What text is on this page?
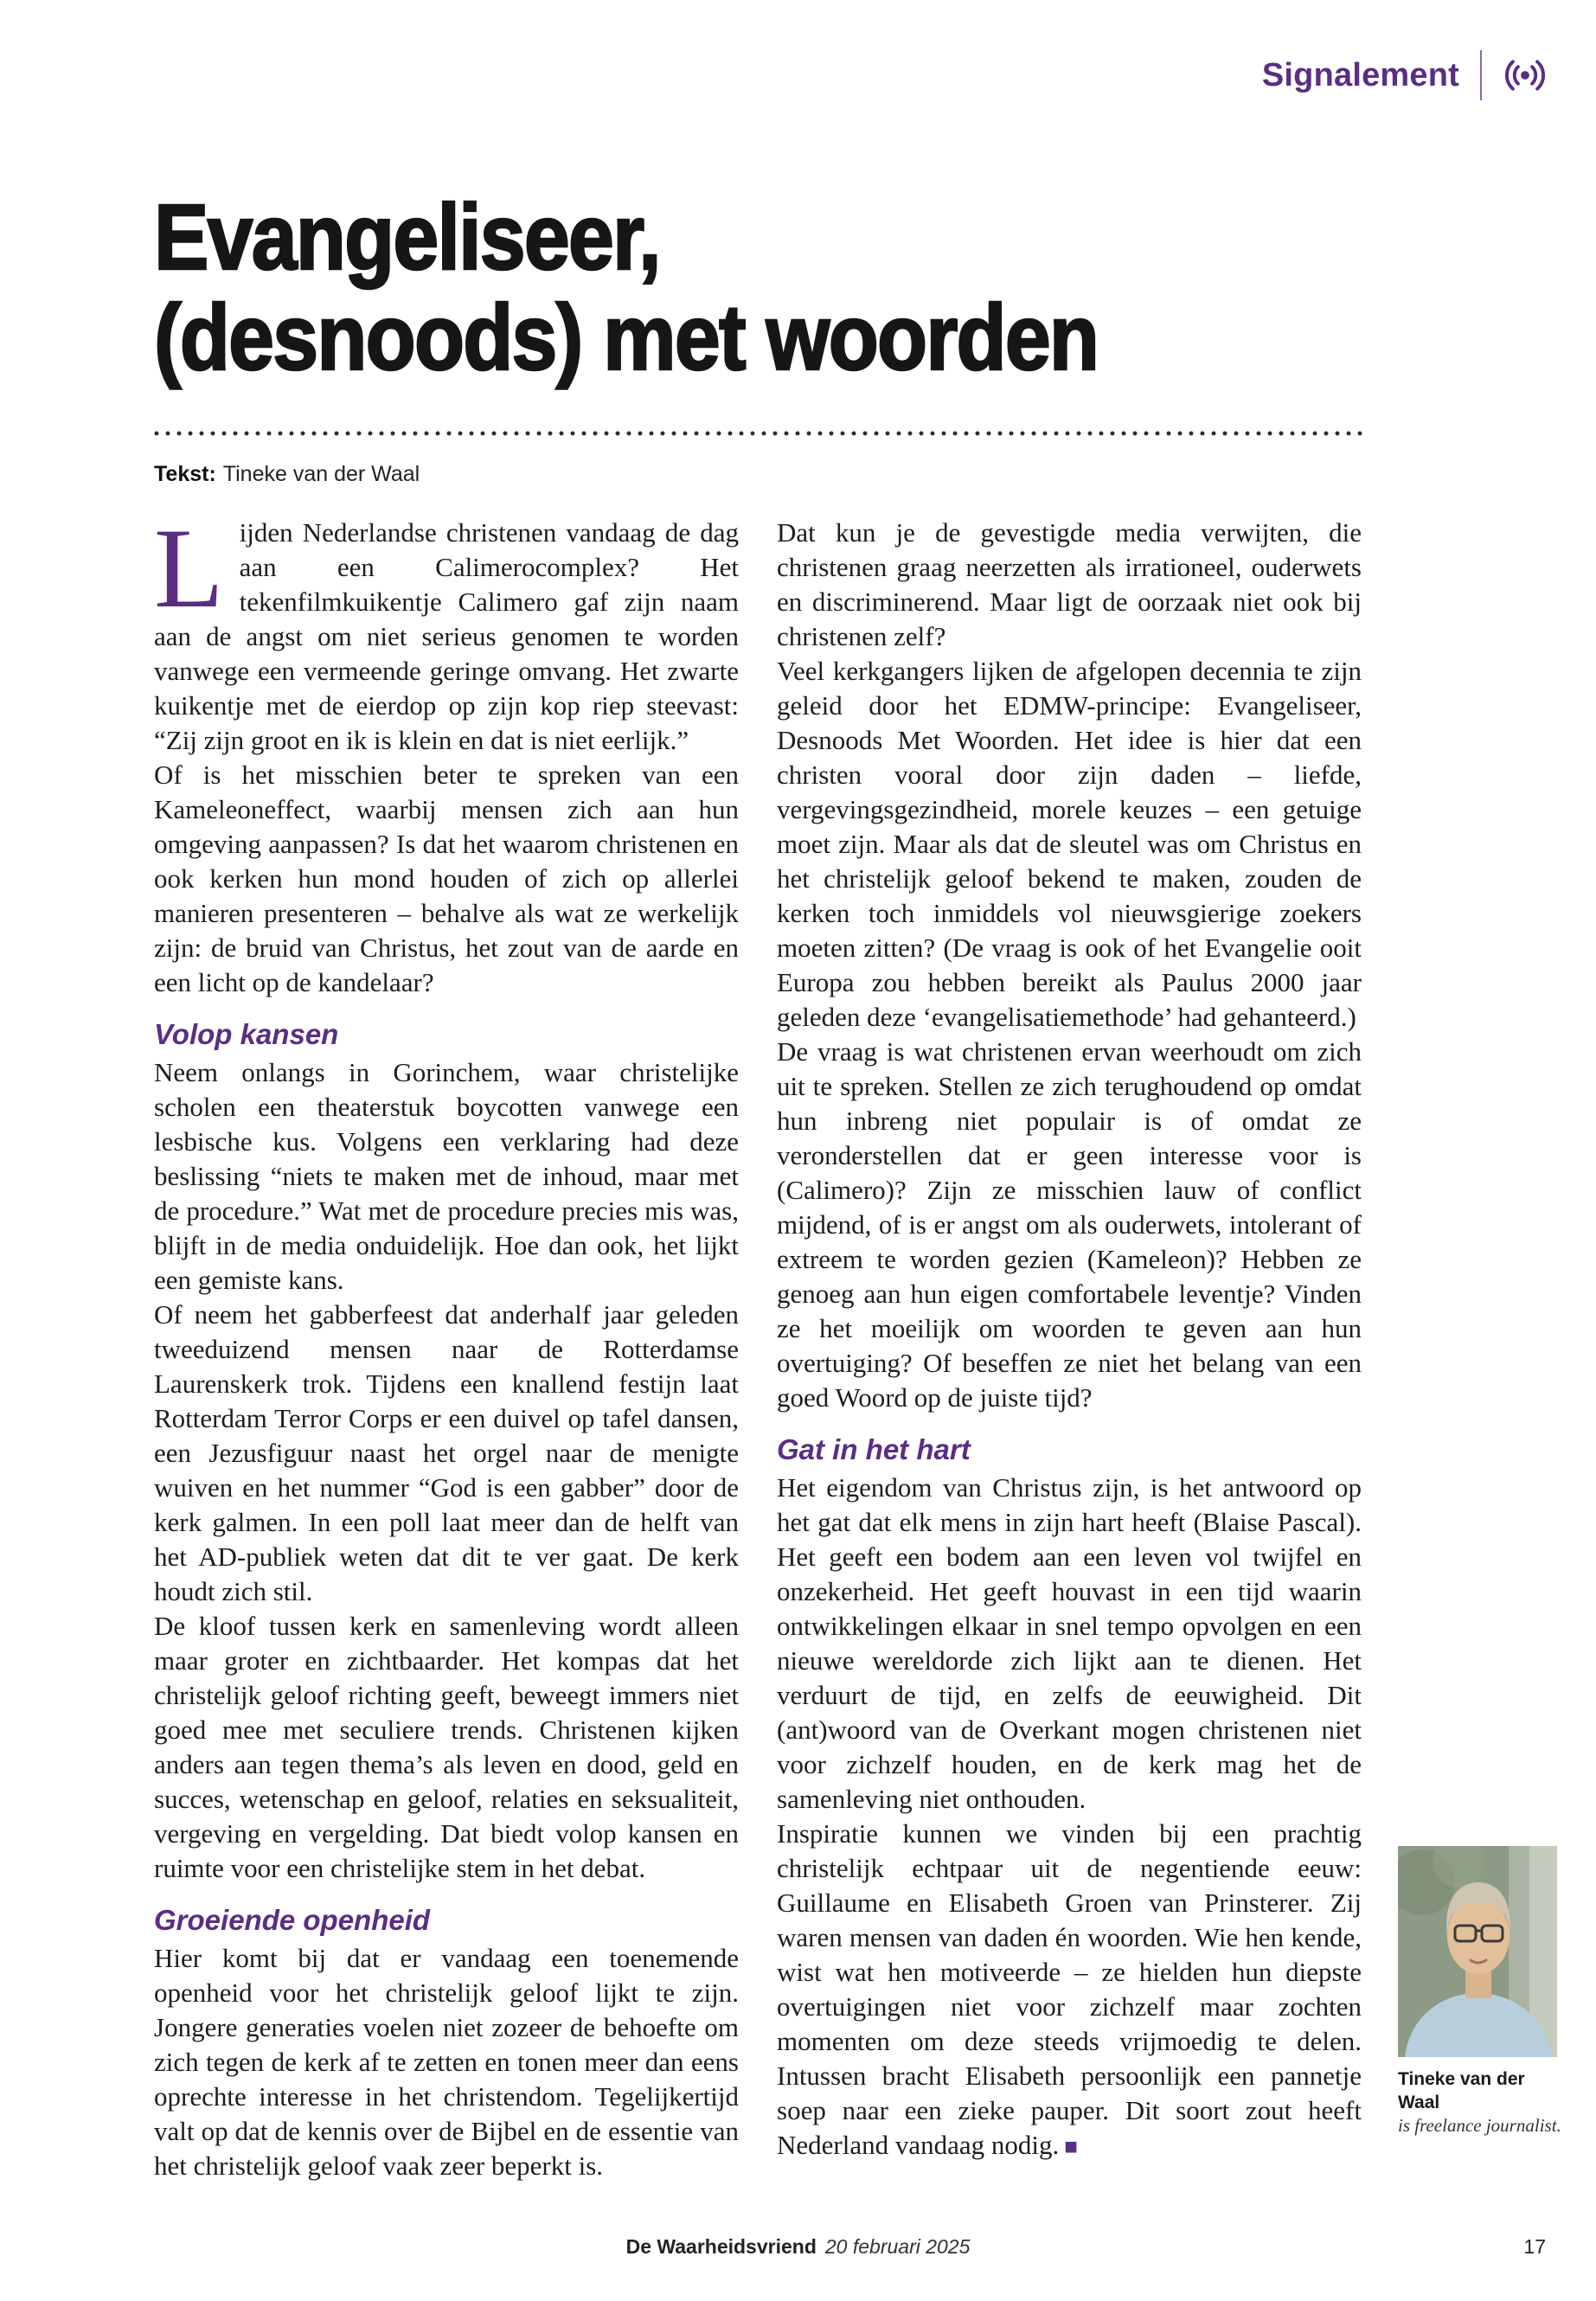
Signalement
Evangeliseer,
(desnoods) met woorden

Tekst: Tineke van der Waal

Lijden Nederlandse christenen vandaag de dag aan een Calimerocomplex? Het tekenfilmkuikentje Calimero gaf zijn naam aan de angst om niet serieus genomen te worden vanwege een vermeende geringe omvang. Het zwarte kuikentje met de eierdop op zijn kop riep steevast: “Zij zijn groot en ik is klein en dat is niet eerlijk.”

Of is het misschien beter te spreken van een Kameleoneffect, waarbij mensen zich aan hun omgeving aanpassen? Is dat het waarom christenen en ook kerken hun mond houden of zich op allerlei manieren presenteren – behalve als wat ze werkelijk zijn: de bruid van Christus, het zout van de aarde en een licht op de kandelaar?

Volop kansen

Neem onlangs in Gorinchem, waar christelijke scholen een theaterstuk boycotten vanwege een lesbische kus. Volgens een verklaring had deze beslissing “niets te maken met de inhoud, maar met de procedure.” Wat met de procedure precies mis was, blijft in de media onduidelijk. Hoe dan ook, het lijkt een gemiste kans.

Of neem het gabberfeest dat anderhalf jaar geleden tweeduizend mensen naar de Rotterdamse Laurenskerk trok. Tijdens een knallend festijn laat Rotterdam Terror Corps er een duivel op tafel dansen, een Jezusfiguur naast het orgel naar de menigte wuiven en het nummer “God is een gabber” door de kerk galmen. In een poll laat meer dan de helft van het AD-publiek weten dat dit te ver gaat. De kerk houdt zich stil.

De kloof tussen kerk en samenleving wordt alleen maar groter en zichtbaarder. Het kompas dat het christelijk geloof richting geeft, beweegt immers niet goed mee met seculiere trends. Christenen kijken anders aan tegen thema’s als leven en dood, geld en succes, wetenschap en geloof, relaties en seksualiteit, vergeving en vergelding. Dat biedt volop kansen en ruimte voor een christelijke stem in het debat.

Groeiende openheid

Hier komt bij dat er vandaag een toenemende openheid voor het christelijk geloof lijkt te zijn. Jongere generaties voelen niet zozeer de behoefte om zich tegen de kerk af te zetten en tonen meer dan eens oprechte interesse in het christendom. Tegelijkertijd valt op dat de kennis over de Bijbel en de essentie van het christelijk geloof vaak zeer beperkt is.

Dat kun je de gevestigde media verwijten, die christenen graag neerzetten als irrationeel, ouderwets en discriminerend. Maar ligt de oorzaak niet ook bij christenen zelf?

Veel kerkgangers lijken de afgelopen decennia te zijn geleid door het EDMW-principe: Evangeliseer, Desnoods Met Woorden. Het idee is hier dat een christen vooral door zijn daden – liefde, vergevingsgezindheid, morele keuzes – een getuige moet zijn. Maar als dat de sleutel was om Christus en het christelijk geloof bekend te maken, zouden de kerken toch inmiddels vol nieuwsgierige zoekers moeten zitten? (De vraag is ook of het Evangelie ooit Europa zou hebben bereikt als Paulus 2000 jaar geleden deze ‘evangelisatiemethode’ had gehanteerd.)

De vraag is wat christenen ervan weerhoudt om zich uit te spreken. Stellen ze zich terughoudend op omdat hun inbreng niet populair is of omdat ze veronderstellen dat er geen interesse voor is (Calimero)? Zijn ze misschien lauw of conflict mijdend, of is er angst om als ouderwets, intolerant of extreem te worden gezien (Kameleon)? Hebben ze genoeg aan hun eigen comfortabele leventje? Vinden ze het moeilijk om woorden te geven aan hun overtuiging? Of beseffen ze niet het belang van een goed Woord op de juiste tijd?

Gat in het hart

Het eigendom van Christus zijn, is het antwoord op het gat dat elk mens in zijn hart heeft (Blaise Pascal). Het geeft een bodem aan een leven vol twijfel en onzekerheid. Het geeft houvast in een tijd waarin ontwikkelingen elkaar in snel tempo opvolgen en een nieuwe wereldorde zich lijkt aan te dienen. Het verduurt de tijd, en zelfs de eeuwigheid. Dit (ant)woord van de Overkant mogen christenen niet voor zichzelf houden, en de kerk mag het de samenleving niet onthouden.

Inspiratie kunnen we vinden bij een prachtig christelijk echtpaar uit de negentiende eeuw: Guillaume en Elisabeth Groen van Prinsterer. Zij waren mensen van daden én woorden. Wie hen kende, wist wat hen motiveerde – ze hielden hun diepste overtuigingen niet voor zichzelf maar zochten momenten om deze steeds vrijmoedig te delen. Intussen bracht Elisabeth persoonlijk een pannetje soep naar een zieke pauper. Dit soort zout heeft Nederland vandaag nodig. ■

Tineke van der Waal
is freelance journalist.
De Waarheidsvriend 20 februari 2025	17
